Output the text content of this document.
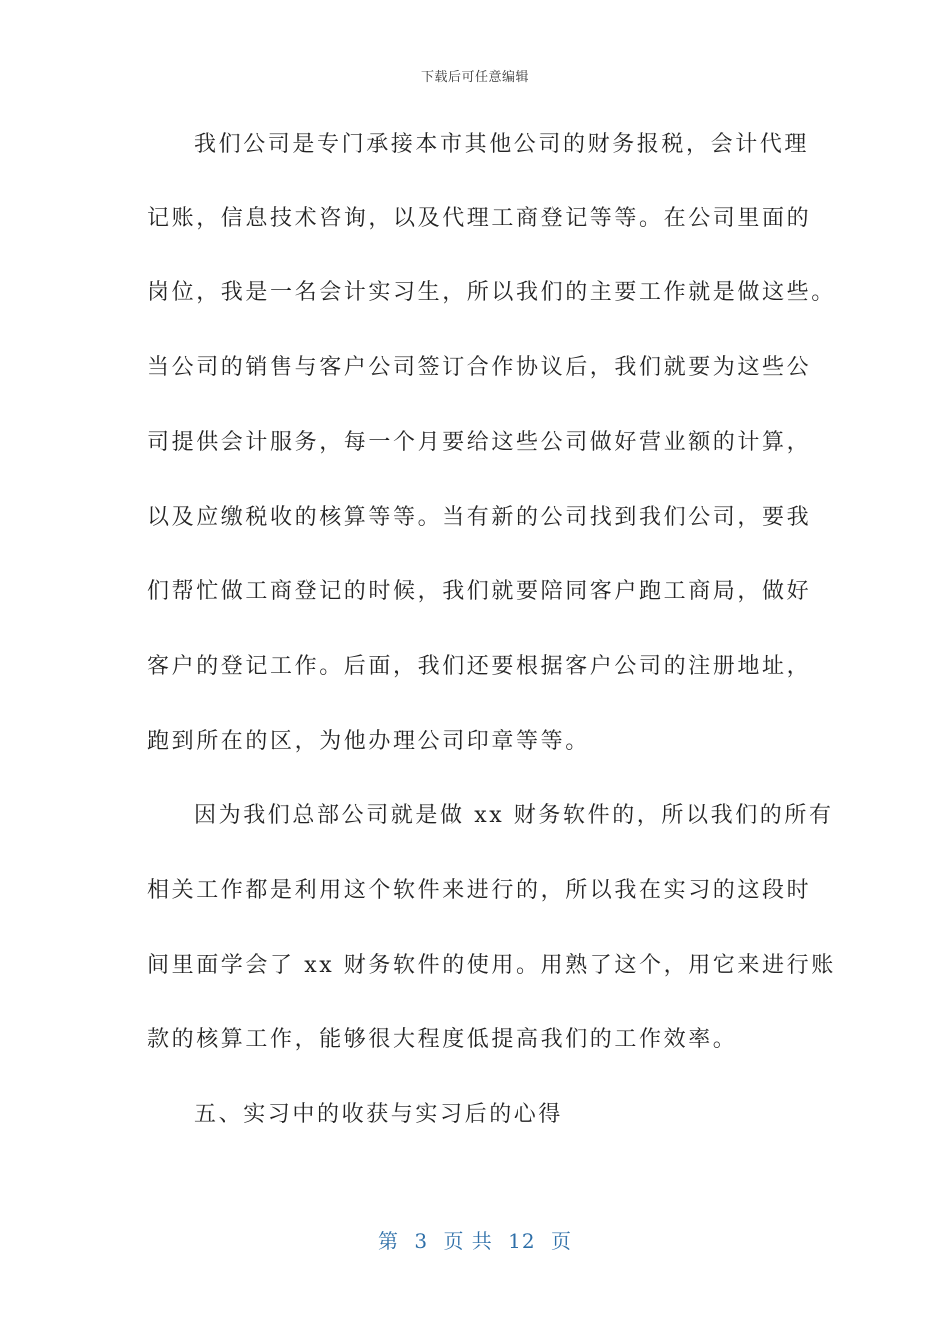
下载后可任意编辑
我们公司是专门承接本市其他公司的财务报税，会计代理
记账，信息技术咨询，以及代理工商登记等等。在公司里面的
岗位，我是一名会计实习生，所以我们的主要工作就是做这些。
当公司的销售与客户公司签订合作协议后，我们就要为这些公
司提供会计服务，每一个月要给这些公司做好营业额的计算，
以及应缴税收的核算等等。当有新的公司找到我们公司，要我
们帮忙做工商登记的时候，我们就要陪同客户跑工商局，做好
客户的登记工作。后面，我们还要根据客户公司的注册地址，
跑到所在的区，为他办理公司印章等等。
因为我们总部公司就是做 xx 财务软件的，所以我们的所有
相关工作都是利用这个软件来进行的，所以我在实习的这段时
间里面学会了 xx 财务软件的使用。用熟了这个，用它来进行账
款的核算工作，能够很大程度低提高我们的工作效率。
五、实习中的收获与实习后的心得
第 3 页 共 12 页
